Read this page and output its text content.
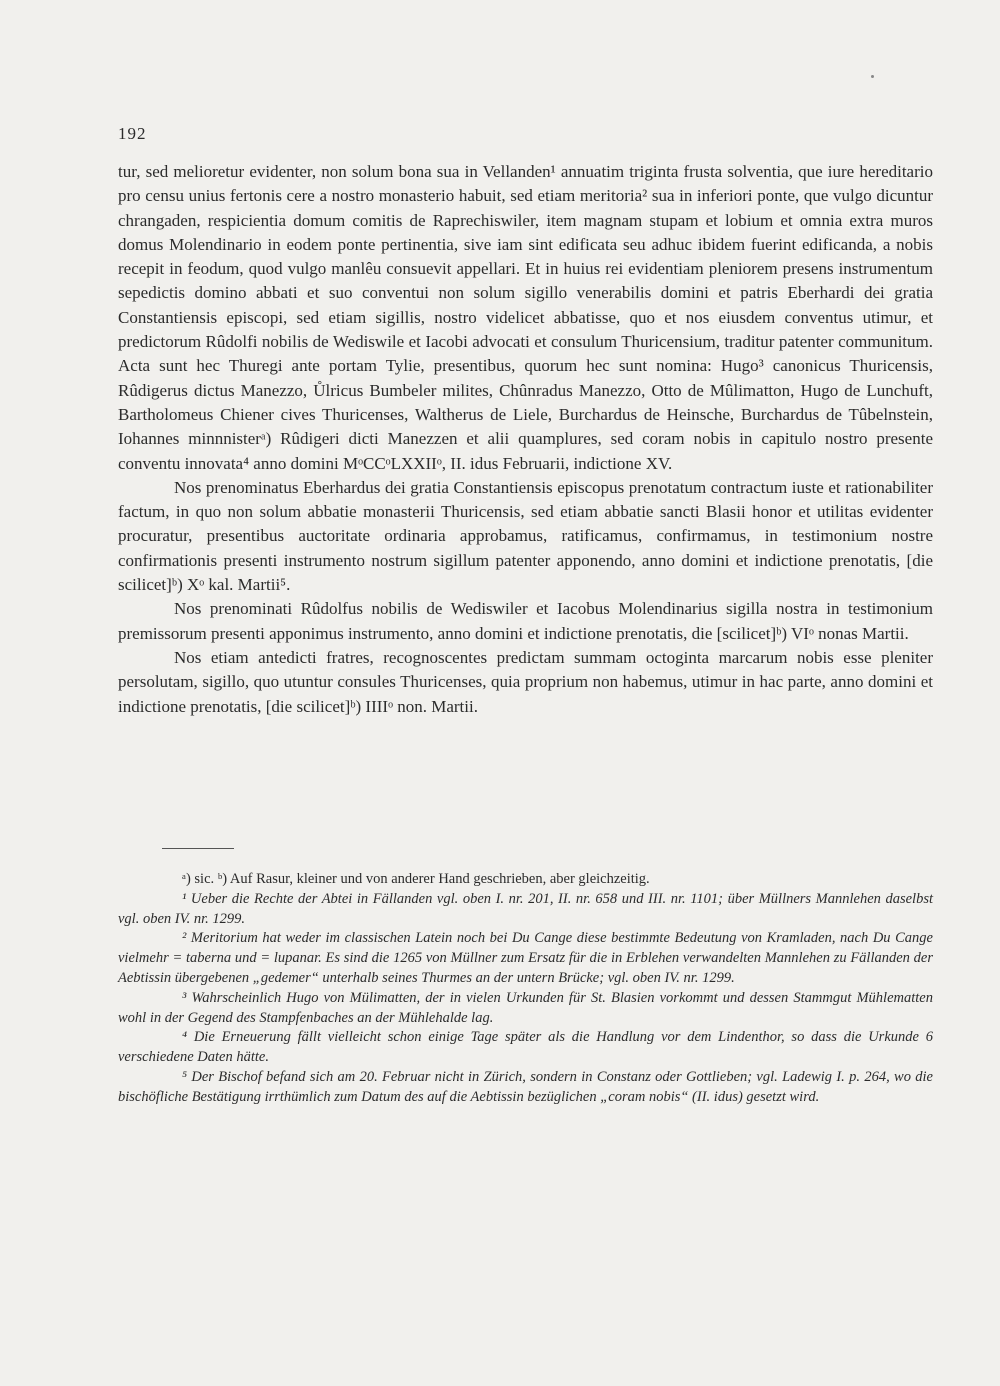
192

tur, sed melioretur evidenter, non solum bona sua in Vellanden¹ annuatim triginta frusta solventia, que iure hereditario pro censu unius fertonis cere a nostro monasterio habuit, sed etiam meritoria² sua in inferiori ponte, que vulgo dicuntur chrangaden, respicientia domum comitis de Raprechiswiler, item magnam stupam et lobium et omnia extra muros domus Molendinario in eodem ponte pertinentia, sive iam sint edificata seu adhuc ibidem fuerint edificanda, a nobis recepit in feodum, quod vulgo manlêu consuevit appellari. Et in huius rei evidentiam pleniorem presens instrumentum sepedictis domino abbati et suo conventui non solum sigillo venerabilis domini et patris Eberhardi dei gratia Constantiensis episcopi, sed etiam sigillis, nostro videlicet abbatisse, quo et nos eiusdem conventus utimur, et predictorum Rûdolfi nobilis de Wediswile et Iacobi advocati et consulum Thuricensium, traditur patenter communitum. Acta sunt hec Thuregi ante portam Tylie, presentibus, quorum hec sunt nomina: Hugo³ canonicus Thuricensis, Rûdigerus dictus Manezzo, Ůlricus Bumbeler milites, Chûnradus Manezzo, Otto de Mûlimatton, Hugo de Lunchuft, Bartholomeus Chiener cives Thuricenses, Waltherus de Liele, Burchardus de Heinsche, Burchardus de Tûbelnstein, Iohannes minnnisterᵃ) Rûdigeri dicti Manezzen et alii quamplures, sed coram nobis in capitulo nostro presente conventu innovata⁴ anno domini MᵒCCᵒLXXIIᵒ, II. idus Februarii, indictione XV.

Nos prenominatus Eberhardus dei gratia Constantiensis episcopus prenotatum contractum iuste et rationabiliter factum, in quo non solum abbatie monasterii Thuricensis, sed etiam abbatie sancti Blasii honor et utilitas evidenter procuratur, presentibus auctoritate ordinaria approbamus, ratificamus, confirmamus, in testimonium nostre confirmationis presenti instrumento nostrum sigillum patenter apponendo, anno domini et indictione prenotatis, [die scilicet]ᵇ) Xᵒ kal. Martii⁵.

Nos prenominati Rûdolfus nobilis de Wediswiler et Iacobus Molendinarius sigilla nostra in testimonium premissorum presenti apponimus instrumento, anno domini et indictione prenotatis, die [scilicet]ᵇ) VIᵒ nonas Martii.

Nos etiam antedicti fratres, recognoscentes predictam summam octoginta marcarum nobis esse pleniter persolutam, sigillo, quo utuntur consules Thuricenses, quia proprium non habemus, utimur in hac parte, anno domini et indictione prenotatis, [die scilicet]ᵇ) IIIIᵒ non. Martii.

ᵃ) sic. ᵇ) Auf Rasur, kleiner und von anderer Hand geschrieben, aber gleichzeitig.

¹ Ueber die Rechte der Abtei in Fällanden vgl. oben I. nr. 201, II. nr. 658 und III. nr. 1101; über Müllners Mannlehen daselbst vgl. oben IV. nr. 1299.

² Meritorium hat weder im classischen Latein noch bei Du Cange diese bestimmte Bedeutung von Kramladen, nach Du Cange vielmehr = taberna und = lupanar. Es sind die 1265 von Müllner zum Ersatz für die in Erblehen verwandelten Mannlehen zu Fällanden der Aebtissin übergebenen „gedemer“ unterhalb seines Thurmes an der untern Brücke; vgl. oben IV. nr. 1299.

³ Wahrscheinlich Hugo von Mülimatten, der in vielen Urkunden für St. Blasien vorkommt und dessen Stammgut Mühlematten wohl in der Gegend des Stampfenbaches an der Mühlehalde lag.

⁴ Die Erneuerung fällt vielleicht schon einige Tage später als die Handlung vor dem Lindenthor, so dass die Urkunde 6 verschiedene Daten hätte.

⁵ Der Bischof befand sich am 20. Februar nicht in Zürich, sondern in Constanz oder Gottlieben; vgl. Ladewig I. p. 264, wo die bischöfliche Bestätigung irrthümlich zum Datum des auf die Aebtissin bezüglichen „coram nobis“ (II. idus) gesetzt wird.
